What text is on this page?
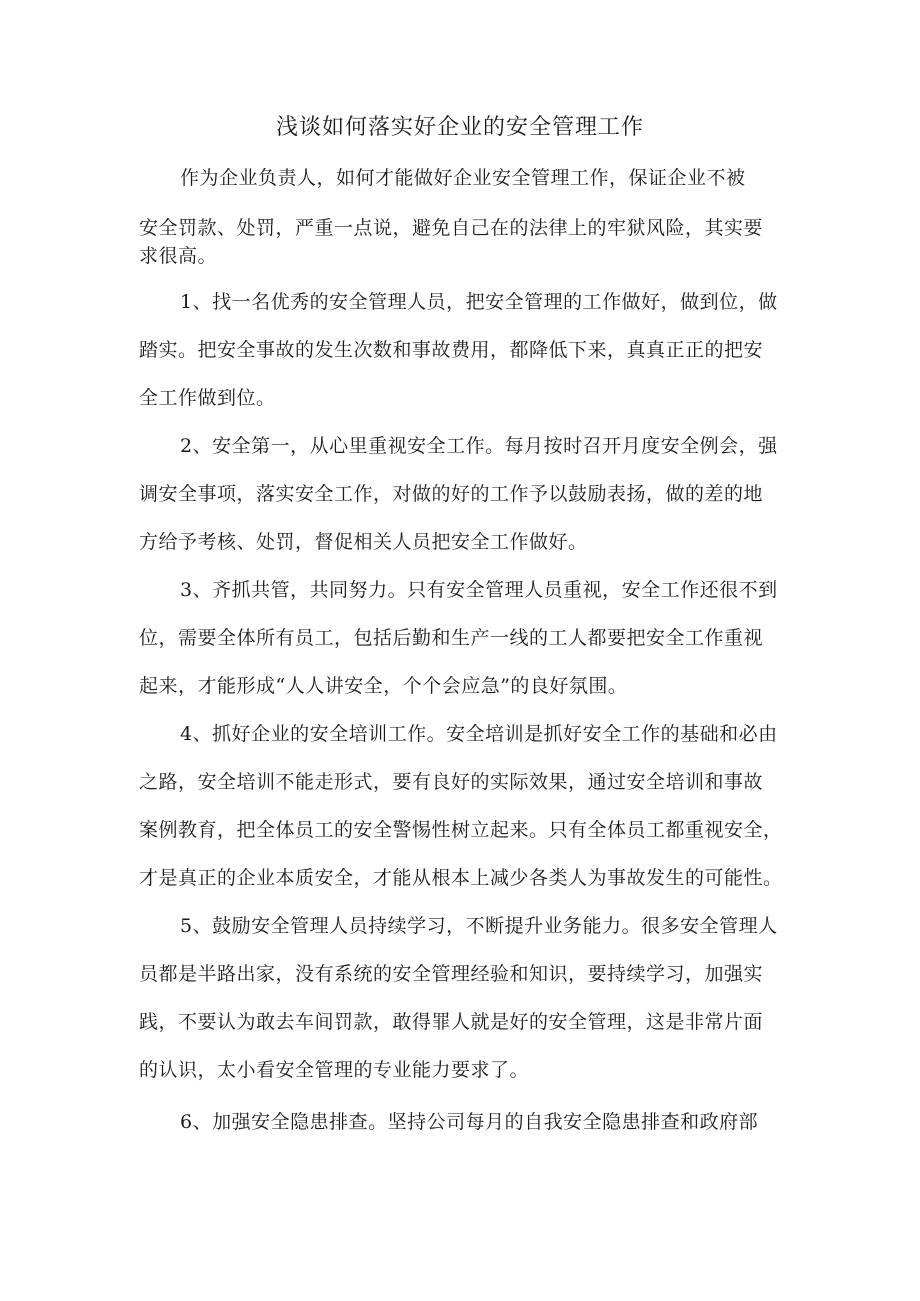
浅谈如何落实好企业的安全管理工作
作为企业负责人，如何才能做好企业安全管理工作，保证企业不被
安全罚款、处罚，严重一点说，避免自己在的法律上的牢狱风险，其实要
求很高。
1、找一名优秀的安全管理人员，把安全管理的工作做好，做到位，做
踏实。把安全事故的发生次数和事故费用，都降低下来，真真正正的把安
全工作做到位。
2、安全第一，从心里重视安全工作。每月按时召开月度安全例会，强
调安全事项，落实安全工作，对做的好的工作予以鼓励表扬，做的差的地
方给予考核、处罚，督促相关人员把安全工作做好。
3、齐抓共管，共同努力。只有安全管理人员重视，安全工作还很不到
位，需要全体所有员工，包括后勤和生产一线的工人都要把安全工作重视
起来，才能形成“人人讲安全，个个会应急”的良好氛围。
4、抓好企业的安全培训工作。安全培训是抓好安全工作的基础和必由
之路，安全培训不能走形式，要有良好的实际效果，通过安全培训和事故
案例教育，把全体员工的安全警惕性树立起来。只有全体员工都重视安全，
才是真正的企业本质安全，才能从根本上减少各类人为事故发生的可能性。
5、鼓励安全管理人员持续学习，不断提升业务能力。很多安全管理人
员都是半路出家，没有系统的安全管理经验和知识，要持续学习，加强实
践，不要认为敢去车间罚款，敢得罪人就是好的安全管理，这是非常片面
的认识，太小看安全管理的专业能力要求了。
6、加强安全隐患排查。坚持公司每月的自我安全隐患排查和政府部
